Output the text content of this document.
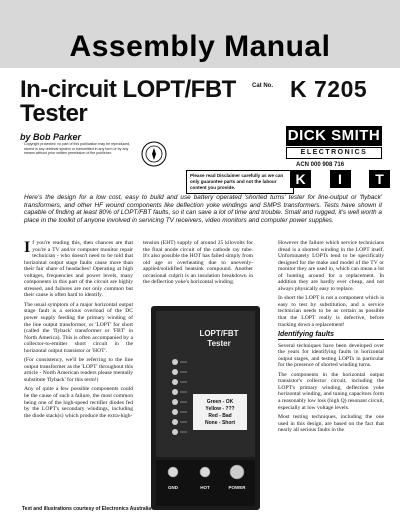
Assembly Manual
In-circuit LOPT/FBT
Tester
by Bob Parker
Cat No. K 7205
Copyright protected: no part of this publication may be reproduced, stored in any retrieval system or transmitted in any form or by any means without prior written permission of the publisher.
DICK SMITH
ELECTRONICS
ACN 000 908 716
Please read Disclaimer carefully as we can only guarantee parts and not the labour content you provide.
K	I	T
Here's the design for a low cost, easy to build and use battery operated 'shorted turns' tester for line-output or 'flyback' transformers, and other HF wound components like deflection yoke windings and SMPS transformers. Tests have shown it capable of finding at least 80% of LOPT/FBT faults, so it can save a lot of time and trouble. Small and rugged, it's well worth a place in the toolkit of anyone involved in servicing TV receivers, video monitors and computer power supplies.

If you're reading this, then chances are that you're a TV and/or computer monitor repair technician - who doesn't need to be told that horizontal output stage faults cause more than their fair share of headaches! Operating at high voltages, frequencies and power levels, many components in this part of the circuit are highly stressed, and failures are not only common but their cause is often hard to identify.

The usual symptom of a major horizontal output stage fault is a serious overload of the DC power supply feeding the primary winding of the line output transformer, or 'LOPT' for short (called the 'flyback' transformer or 'FBT' in North America). This is often accompanied by a collector-to-emitter short circuit in the horizontal output transistor or 'HOT'.

(For consistency, we'll be referring to the line output transformer as the 'LOPT' throughout this article - North American readers please mentally substitute 'flyback' for this term!)

Any of quite a few possible components could be the cause of such a failure, the most common being one of the high-speed rectifier diodes fed by the LOPT's secondary windings, including the diode stack(s) which produce the extra-high-

tension (EHT) supply of around 25 kilovolts for the final anode circuit of the cathode ray tube. It's also possible the HOT has failed simply from old age or overheating due to unevenly-applied/solidified heatsink compound. Another occasional culprit is an insulation breakdown in the deflection yoke's horizontal winding.

LOPT/FBT
Tester
Green - OK
Yellow - ???
Red - Bad
None - Short
GND	HOT	POWER

However the failure which service technicians dread is a shorted winding in the LOPT itself. Unfortunately LOPTs tend to be specifically designed for the make and model of the TV or monitor they are used in, which can mean a lot of hunting around for a replacement. In addition they are hardly ever cheap, and not always physically easy to replace.

In short the LOPT is not a component which is easy to test by substitution, and a service technician needs to be as certain as possible that the LOPT really is defective, before tracking down a replacement!

Identifying faults

Several techniques have been developed over the years for identifying faults in horizontal output stages, and testing LOPTs in particular for the presence of shorted winding turns.

The components in the horizontal output transistor's collector circuit, including the LOPT's primary winding, deflection yoke horizontal winding, and tuning capacitors form a reasonably low loss (high Q) resonant circuit, especially at low voltage levels.

Most testing techniques, including the one used in this design, are based on the fact that nearly all serious faults in the

Text and illustrations courtesy of Electronics Australia
